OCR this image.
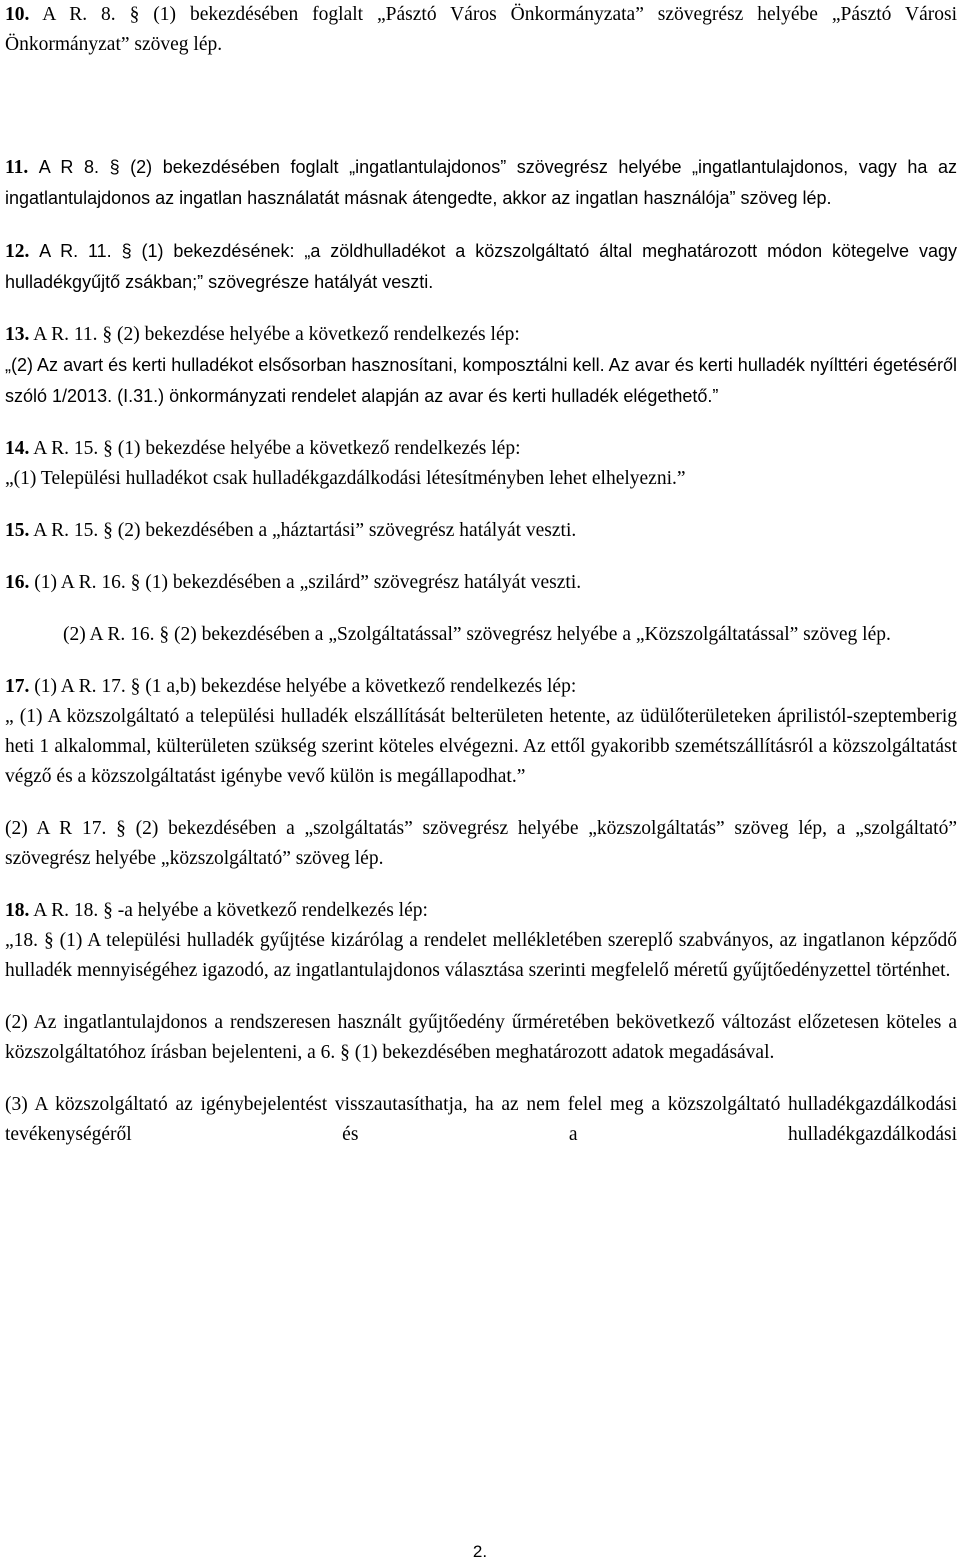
10. A R. 8. § (1) bekezdésében foglalt „Pásztó Város Önkormányzata” szövegrész helyébe „Pásztó Városi Önkormányzat” szöveg lép.

11. A R 8. § (2) bekezdésében foglalt „ingatlantulajdonos” szövegrész helyébe „ingatlantulajdonos, vagy ha az ingatlantulajdonos az ingatlan használatát másnak átengedte, akkor az ingatlan használója” szöveg lép.

12. A R. 11. § (1) bekezdésének: „a zöldhulladékot a közszolgáltató által meghatározott módon kötegelve vagy hulladékgyűjtő zsákban;” szövegrésze hatályát veszti.

13. A R. 11. § (2) bekezdése helyébe a következő rendelkezés lép:

„(2) Az avart és kerti hulladékot elsősorban hasznosítani, komposztálni kell. Az avar és kerti hulladék nyílttéri égetéséről szóló 1/2013. (I.31.) önkormányzati rendelet alapján az avar és kerti hulladék elégethető.”

14. A R. 15. § (1) bekezdése helyébe a következő rendelkezés lép:

„(1) Települési hulladékot csak hulladékgazdálkodási létesítményben lehet elhelyezni.”

15. A R. 15. § (2) bekezdésében a „háztartási” szövegrész hatályát veszti.

16. (1) A R. 16. § (1) bekezdésében a „szilárd” szövegrész hatályát veszti.

(2) A R. 16. § (2) bekezdésében a „Szolgáltatással” szövegrész helyébe a „Közszolgáltatással” szöveg lép.

17. (1) A R. 17. § (1 a,b) bekezdése helyébe a következő rendelkezés lép:

„ (1) A közszolgáltató a települési hulladék elszállítását belterületen hetente, az üdülőterületeken áprilistól-szeptemberig heti 1 alkalommal, külterületen szükség szerint köteles elvégezni. Az ettől gyakoribb szemétszállításról a közszolgáltatást végző és a közszolgáltatást igénybe vevő külön is megállapodhat.”

(2) A R 17. § (2) bekezdésében a „szolgáltatás” szövegrész helyébe „közszolgáltatás” szöveg lép, a „szolgáltató” szövegrész helyébe „közszolgáltató” szöveg lép.

18. A R. 18. § -a helyébe a következő rendelkezés lép:

„18. § (1) A települési hulladék gyűjtése kizárólag a rendelet mellékletében szereplő szabványos, az ingatlanon képződő hulladék mennyiségéhez igazodó, az ingatlantulajdonos választása szerinti megfelelő méretű gyűjtőedényzettel történhet.

(2) Az ingatlantulajdonos a rendszeresen használt gyűjtőedény űrméretében bekövetkező változást előzetesen köteles a közszolgáltatóhoz írásban bejelenteni, a 6. § (1) bekezdésében meghatározott adatok megadásával.

(3) A közszolgáltató az igénybejelentést visszautasíthatja, ha az nem felel meg a közszolgáltató hulladékgazdálkodási tevékenységéről és a hulladékgazdálkodási

2.
